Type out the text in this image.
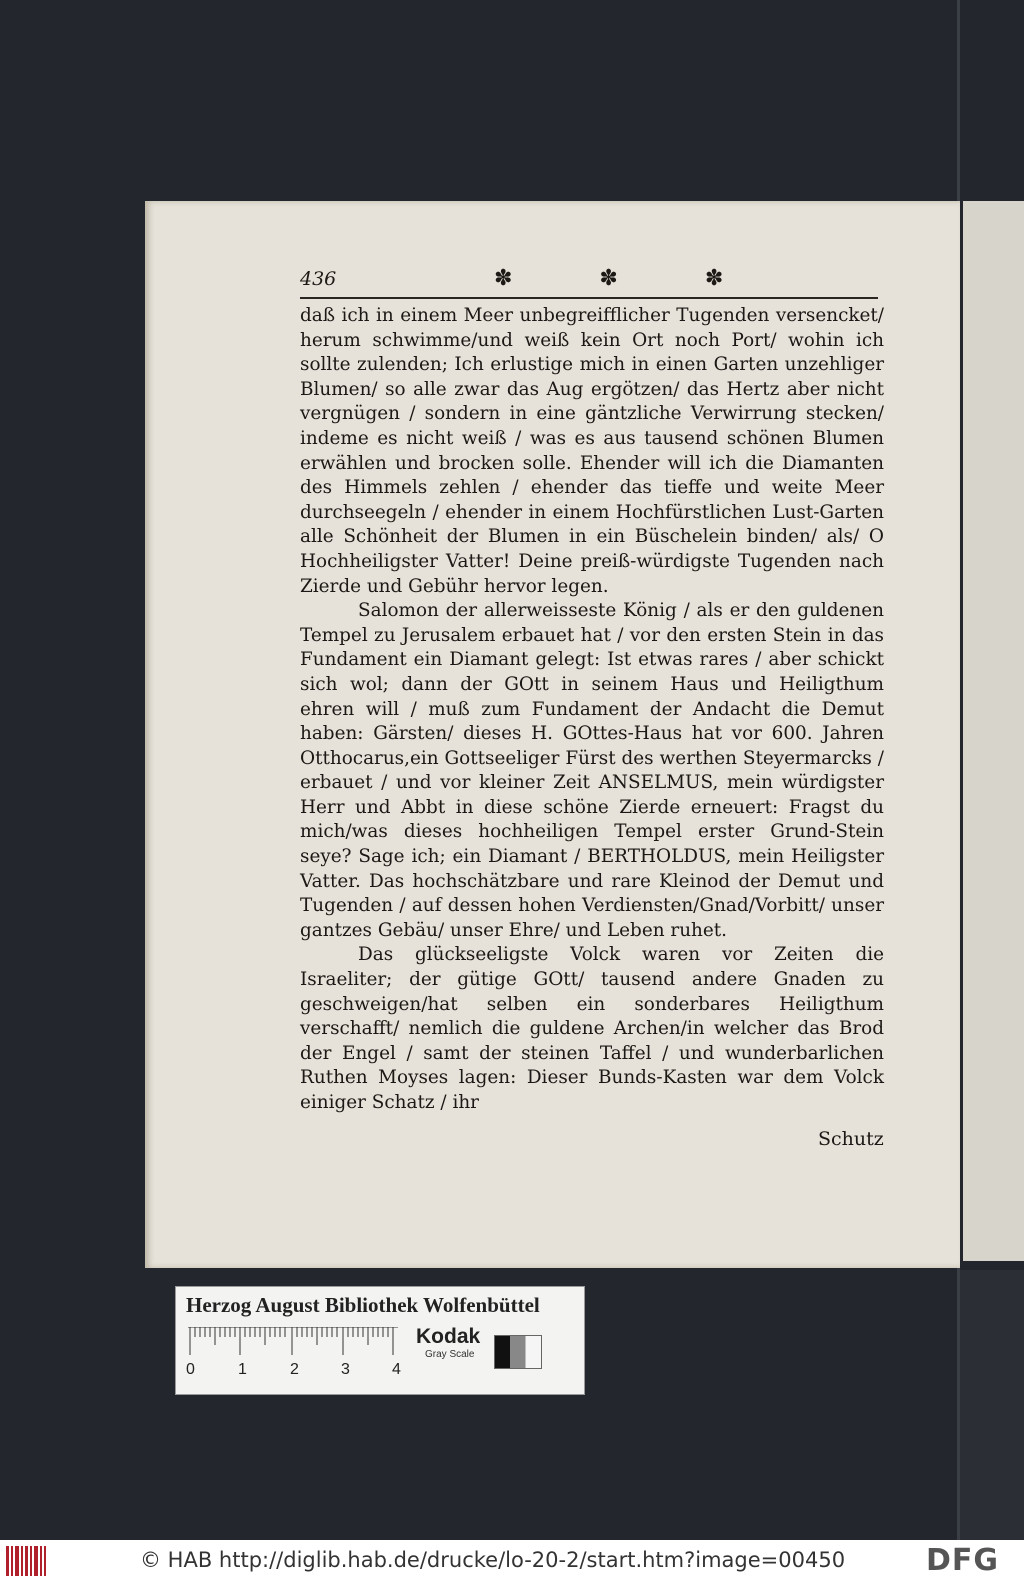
436	✽ ✽ ✽

daß ich in einem Meer unbegreifflicher Tugenden versencket/ herum schwimme/und weiß kein Ort noch Port/ wohin ich sollte zulenden; Ich erlustige mich in einen Garten unzehliger Blumen/ so alle zwar das Aug ergötzen/ das Hertz aber nicht vergnügen / sondern in eine gäntzliche Verwirrung stecken/ indeme es nicht weiß / was es aus tausend schönen Blumen erwählen und brocken solle. Ehender will ich die Diamanten des Himmels zehlen / ehender das tieffe und weite Meer durchseegeln / ehender in einem Hochfürstlichen Lust-Garten alle Schönheit der Blumen in ein Büschelein binden/ als/ O Hochheiligster Vatter! Deine preiß-würdigste Tugenden nach Zierde und Gebühr hervor legen.

Salomon der allerweisseste König / als er den guldenen Tempel zu Jerusalem erbauet hat / vor den ersten Stein in das Fundament ein Diamant gelegt: Ist etwas rares / aber schickt sich wol; dann der GOtt in seinem Haus und Heiligthum ehren will / muß zum Fundament der Andacht die Demut haben: Gärsten/ dieses H. GOttes-Haus hat vor 600. Jahren Otthocarus,ein Gottseeliger Fürst des werthen Steyermarcks / erbauet / und vor kleiner Zeit ANSELMUS, mein würdigster Herr und Abbt in diese schöne Zierde erneuert: Fragst du mich/was dieses hochheiligen Tempel erster Grund-Stein seye? Sage ich; ein Diamant / BERTHOLDUS, mein Heiligster Vatter. Das hochschätzbare und rare Kleinod der Demut und Tugenden / auf dessen hohen Verdiensten/Gnad/Vorbitt/ unser gantzes Gebäu/ unser Ehre/ und Leben ruhet.

Das glückseeligste Volck waren vor Zeiten die Israeliter; der gütige GOtt/ tausend andere Gnaden zu geschweigen/hat selben ein sonderbares Heiligthum verschafft/ nemlich die guldene Archen/in welcher das Brod der Engel / samt der steinen Taffel / und wunderbarlichen Ruthen Moyses lagen: Dieser Bunds-Kasten war dem Volck einiger Schatz / ihr

Schutz
Herzog August Bibliothek Wolfenbüttel
0	1	2	3	4
Kodak
Gray Scale
© HAB http://diglib.hab.de/drucke/lo-20-2/start.htm?image=00450	DFG
